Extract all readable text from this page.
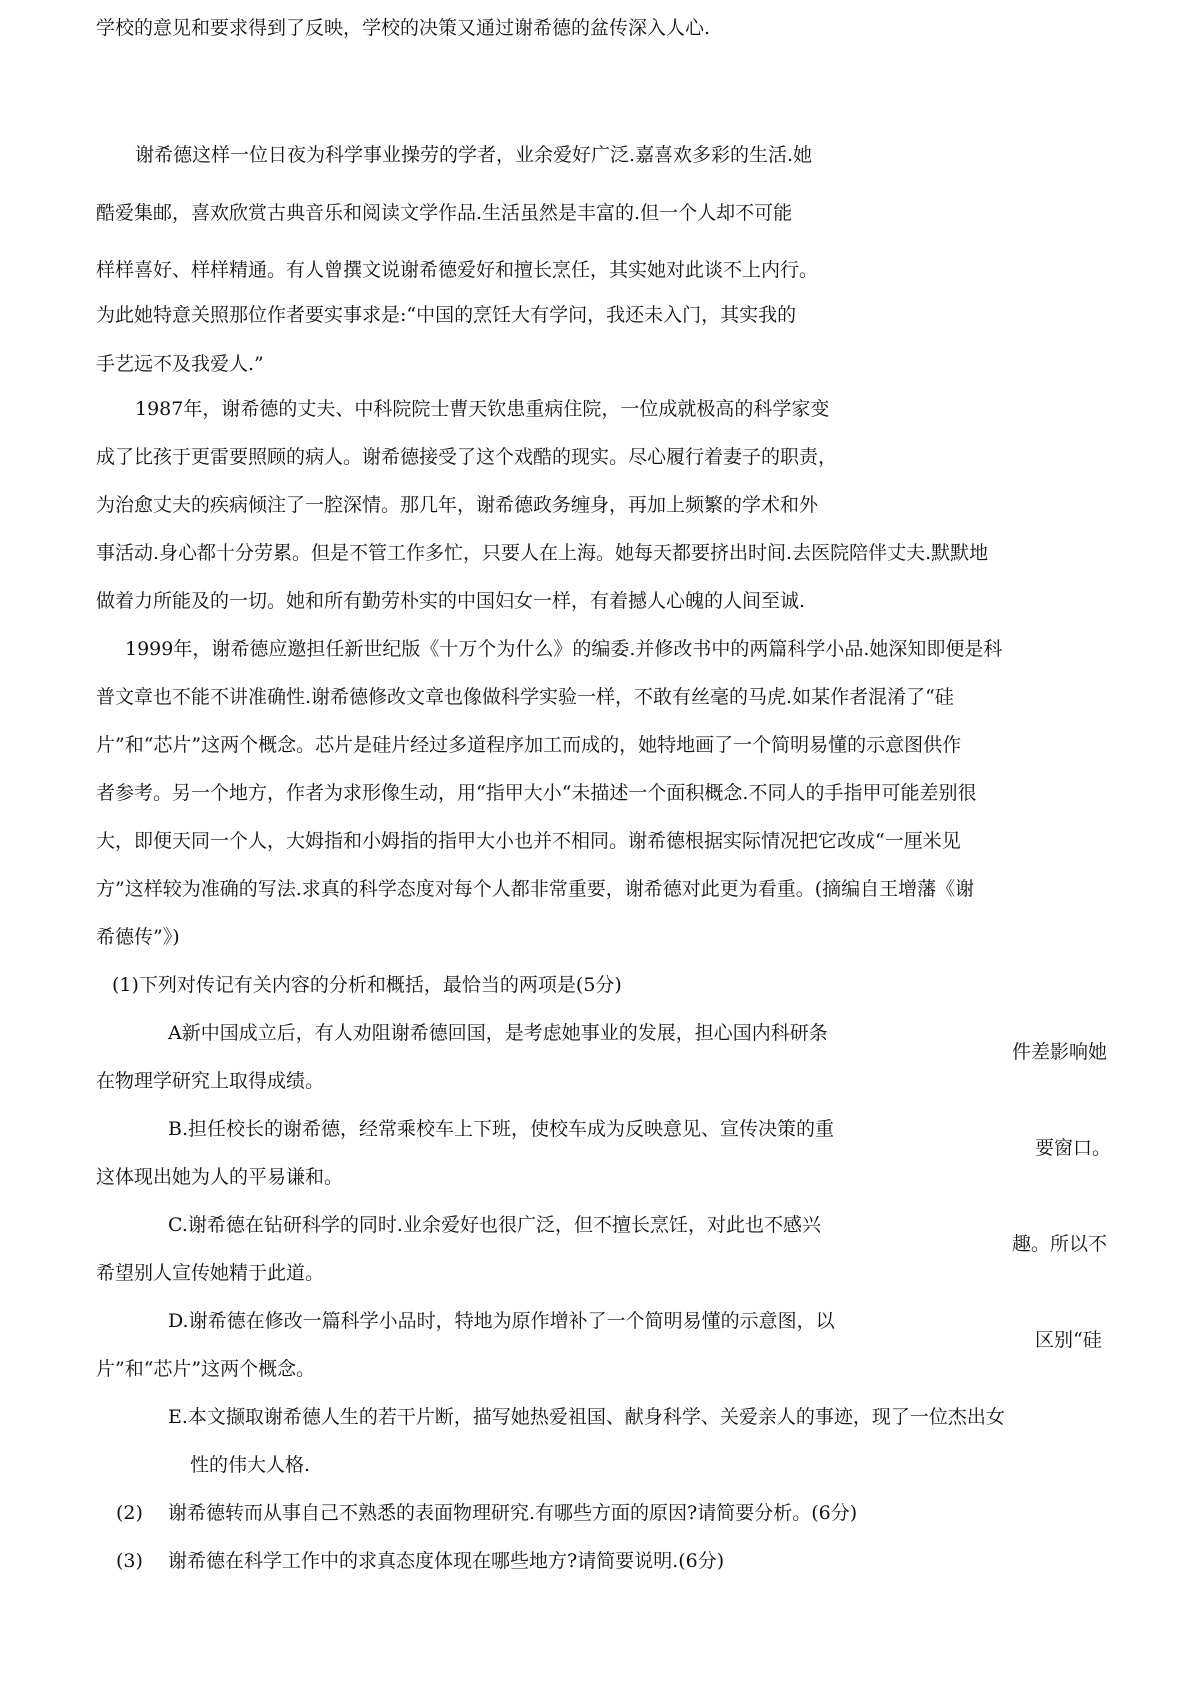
学校的意见和要求得到了反映，学校的决策又通过谢希德的盆传深入人心.

谢希德这样一位日夜为科学事业操劳的学者，业余爱好广泛.嘉喜欢多彩的生活.她

酷爱集邮，喜欢欣赏古典音乐和阅读文学作品.生活虽然是丰富的.但一个人却不可能

样样喜好、样样精通。有人曾撰文说谢希德爱好和擅长烹任，其实她对此谈不上内行。

为此她特意关照那位作者要实事求是:“中国的烹饪大有学问，我还未入门，其实我的

手艺远不及我爱人.”

1987年，谢希德的丈夫、中科院院士曹天钦患重病住院，一位成就极高的科学家变

成了比孩于更雷要照顾的病人。谢希德接受了这个戏酷的现实。尽心履行着妻子的职责，

为治愈丈夫的疾病倾注了一腔深情。那几年，谢希德政务缠身，再加上频繁的学术和外

事活动.身心都十分劳累。但是不管工作多忙，只要人在上海。她每天都要挤出时间.去医院陪伴丈夫.默默地

做着力所能及的一切。她和所有勤劳朴实的中国妇女一样，有着撼人心魄的人间至诚.

1999年，谢希德应邀担任新世纪版《十万个为什么》的编委.并修改书中的两篇科学小品.她深知即便是科

普文章也不能不讲准确性.谢希德修改文章也像做科学实验一样，不敢有丝毫的马虎.如某作者混淆了“硅

片”和“芯片”这两个概念。芯片是硅片经过多道程序加工而成的，她特地画了一个简明易懂的示意图供作

者参考。另一个地方，作者为求形像生动，用“指甲大小“未描述一个面积概念.不同人的手指甲可能差别很

大，即便天同一个人，大姆指和小姆指的指甲大小也并不相同。谢希德根据实际情况把它改成“一厘米见

方”这样较为准确的写法.求真的科学态度对每个人都非常重要，谢希德对此更为看重。(摘编自王增藩《谢

希德传”》)

(1)下列对传记有关内容的分析和概括，最恰当的两项是(5分)

A新中国成立后，有人劝阻谢希德回国，是考虑她事业的发展，担心国内科研条

件差影响她

在物理学研究上取得成绩。

B.担任校长的谢希德，经常乘校车上下班，使校车成为反映意见、宣传决策的重

要窗口。

这体现出她为人的平易谦和。

C.谢希德在钻研科学的同时.业余爱好也很广泛，但不擅长烹饪，对此也不感兴

趣。所以不

希望别人宣传她精于此道。

D.谢希德在修改一篇科学小品时，特地为原作增补了一个简明易懂的示意图，以

区别“硅

片”和“芯片”这两个概念。

E.本文撷取谢希德人生的若干片断，描写她热爱祖国、献身科学、关爱亲人的事迹，现了一位杰出女

性的伟大人格.

(2) 谢希德转而从事自己不熟悉的表面物理研究.有哪些方面的原因?请简要分析。(6分)

(3) 谢希德在科学工作中的求真态度体现在哪些地方?请简要说明.(6分)
